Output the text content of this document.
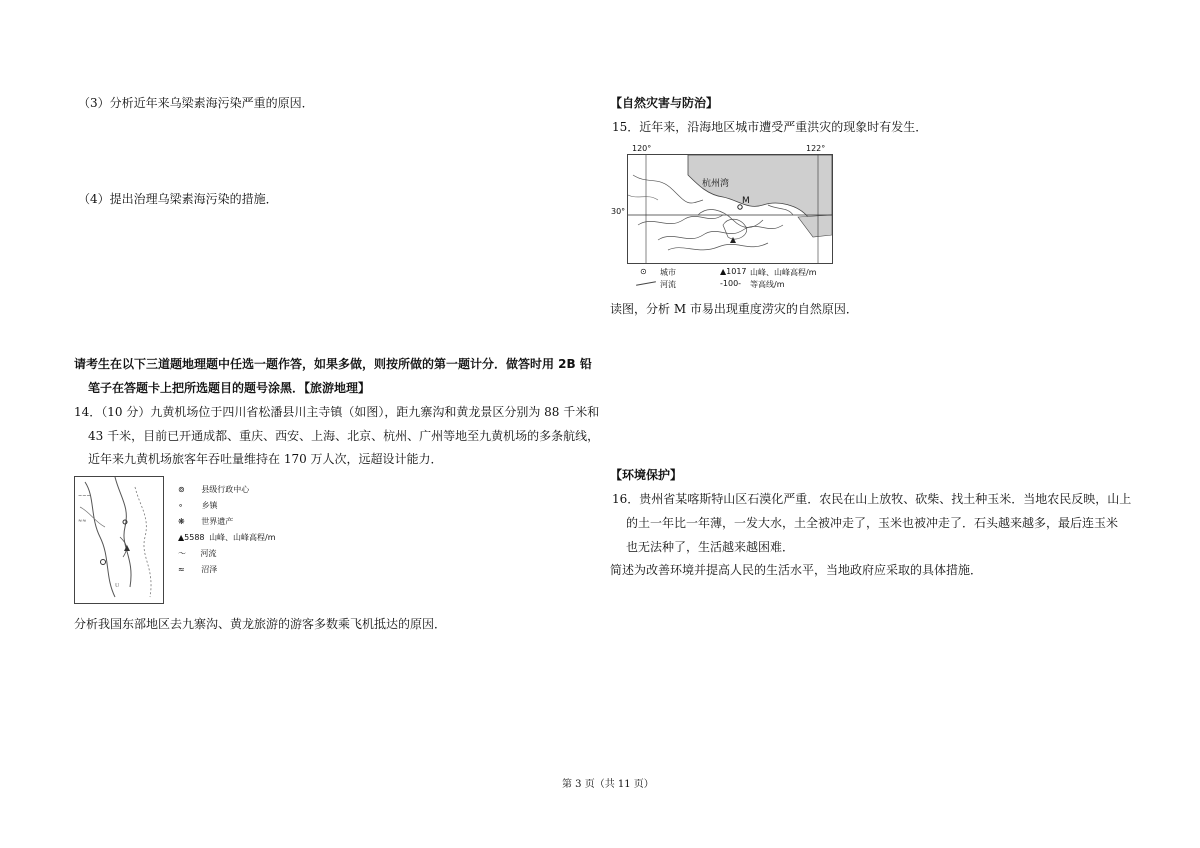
（3）分析近年来乌梁素海污染严重的原因．
（4）提出治理乌梁素海污染的措施．
请考生在以下三道题地理题中任选一题作答，如果多做，则按所做的第一题计分．做答时用 2B 铅
笔子在答题卡上把所选题目的题号涂黑．【旅游地理】
14．（10 分）九黄机场位于四川省松潘县川主寺镇（如图），距九寨沟和黄龙景区分别为 88 千米和
43 千米，目前已开通成都、重庆、西安、上海、北京、杭州、广州等地至九黄机场的多条航线，
近年来九黄机场旅客年吞吐量维持在 170 万人次，远超设计能力．
~~~
≈≈
U
⊚ 县级行政中心
∘ 乡镇
❋ 世界遗产
▲5588 山峰、山峰高程/m
〜 河流
≈ 沼泽
分析我国东部地区去九寨沟、黄龙旅游的游客多数乘飞机抵达的原因．
【自然灾害与防治】
15．近年来，沿海地区城市遭受严重洪灾的现象时有发生．
120°	122°
30°
杭州湾
M
⊙ 城市	▲1017 山峰、山峰高程/m
河流	-100- 等高线/m
读图，分析 M 市易出现重度涝灾的自然原因．
【环境保护】
16．贵州省某喀斯特山区石漠化严重．农民在山上放牧、砍柴、找土种玉米．当地农民反映，山上
的土一年比一年薄，一发大水，土全被冲走了，玉米也被冲走了．石头越来越多，最后连玉米
也无法种了，生活越来越困难．
简述为改善环境并提高人民的生活水平，当地政府应采取的具体措施．
第 3 页（共 11 页）
